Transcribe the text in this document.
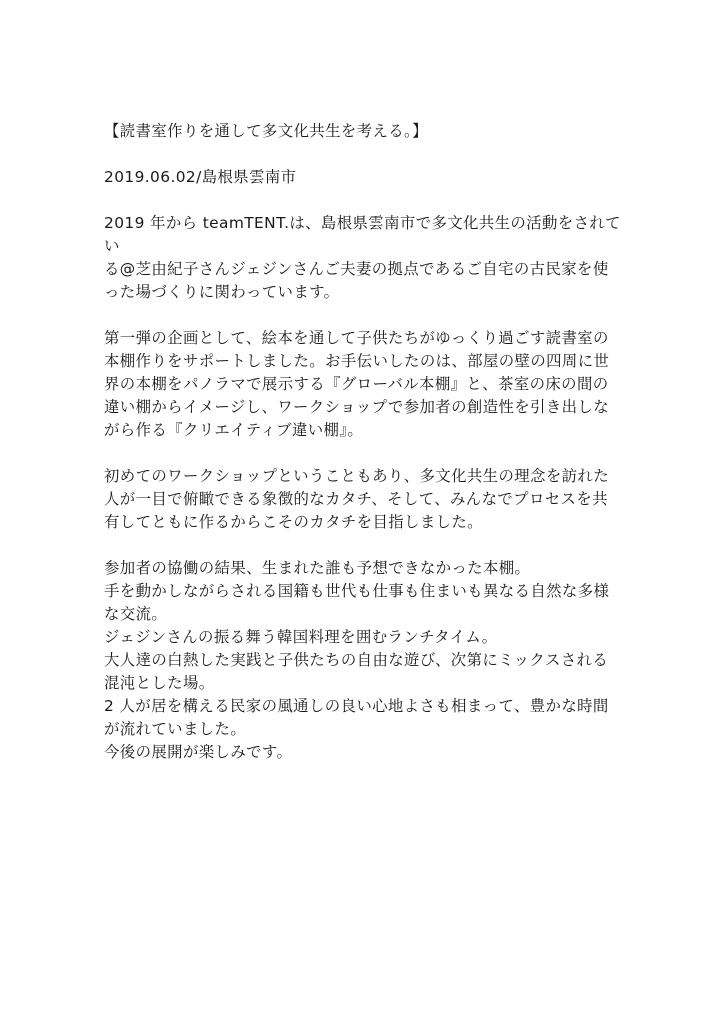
【読書室作りを通して多文化共生を考える。】

2019.06.02/島根県雲南市

2019 年から teamTENT.は、島根県雲南市で多文化共生の活動をされてい
る@芝由紀子さんジェジンさんご夫妻の拠点であるご自宅の古民家を使
った場づくりに関わっています。

第一弾の企画として、絵本を通して子供たちがゆっくり過ごす読書室の
本棚作りをサポートしました。お手伝いしたのは、部屋の壁の四周に世
界の本棚をパノラマで展示する『グローバル本棚』と、茶室の床の間の
違い棚からイメージし、ワークショップで参加者の創造性を引き出しな
がら作る『クリエイティブ違い棚』。

初めてのワークショップということもあり、多文化共生の理念を訪れた
人が一目で俯瞰できる象徴的なカタチ、そして、みんなでプロセスを共
有してともに作るからこそのカタチを目指しました。

参加者の協働の結果、生まれた誰も予想できなかった本棚。
手を動かしながらされる国籍も世代も仕事も住まいも異なる自然な多様
な交流。
ジェジンさんの振る舞う韓国料理を囲むランチタイム。
大人達の白熱した実践と子供たちの自由な遊び、次第にミックスされる
混沌とした場。
2 人が居を構える民家の風通しの良い心地よさも相まって、豊かな時間
が流れていました。
今後の展開が楽しみです。
